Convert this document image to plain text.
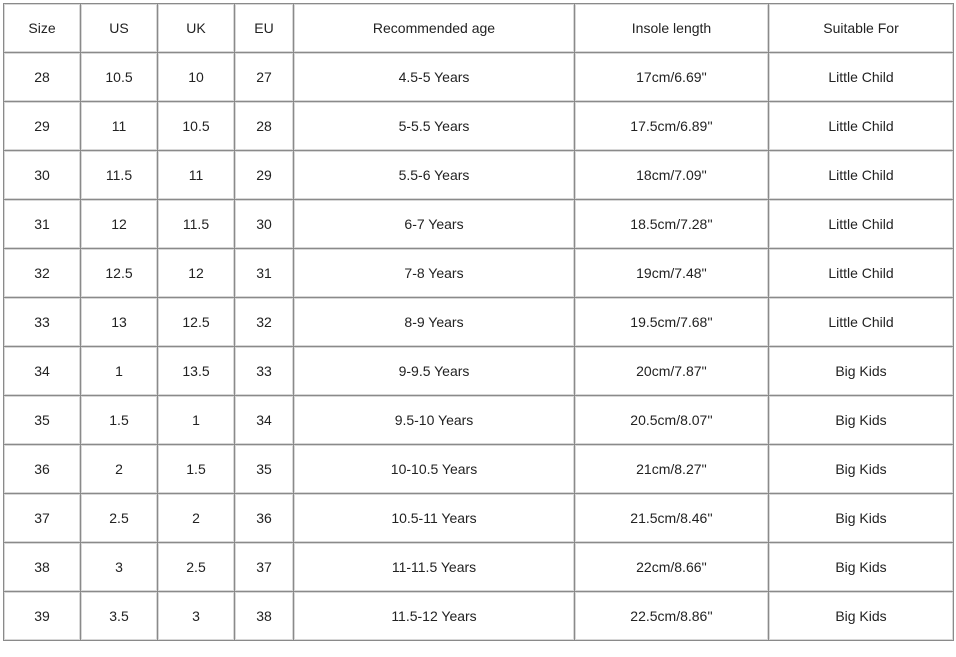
Size	US	UK	EU	Recommended age	Insole length	Suitable For
28	10.5	10	27	4.5-5 Years	17cm/6.69''	Little Child
29	11	10.5	28	5-5.5 Years	17.5cm/6.89''	Little Child
30	11.5	11	29	5.5-6 Years	18cm/7.09''	Little Child
31	12	11.5	30	6-7 Years	18.5cm/7.28''	Little Child
32	12.5	12	31	7-8 Years	19cm/7.48''	Little Child
33	13	12.5	32	8-9 Years	19.5cm/7.68''	Little Child
34	1	13.5	33	9-9.5 Years	20cm/7.87''	Big Kids
35	1.5	1	34	9.5-10 Years	20.5cm/8.07''	Big Kids
36	2	1.5	35	10-10.5 Years	21cm/8.27''	Big Kids
37	2.5	2	36	10.5-11 Years	21.5cm/8.46''	Big Kids
38	3	2.5	37	11-11.5 Years	22cm/8.66''	Big Kids
39	3.5	3	38	11.5-12 Years	22.5cm/8.86''	Big Kids
